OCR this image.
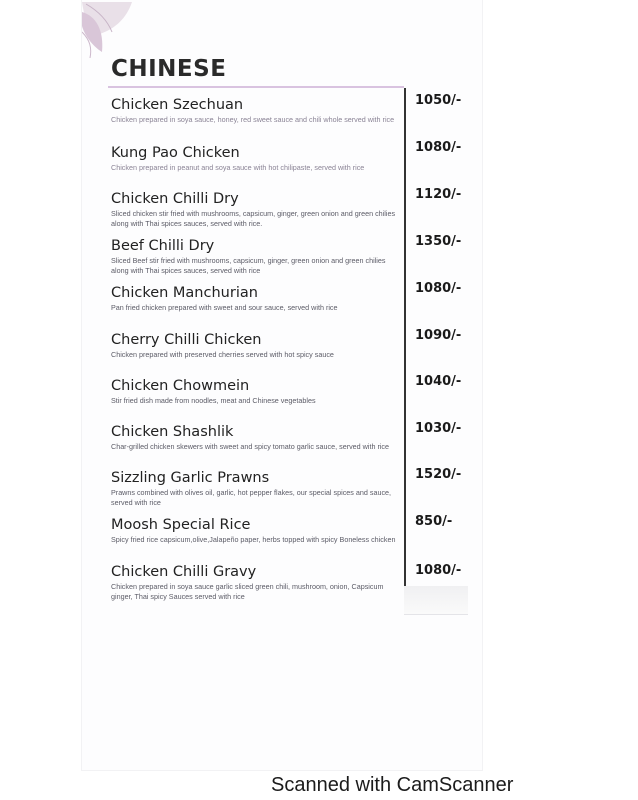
CHINESE
Chicken Szechuan
Chicken prepared in soya sauce, honey, red sweet sauce and chili whole served with rice
1050/-
Kung Pao Chicken
Chicken prepared in peanut and soya sauce with hot chilipaste, served with rice
1080/-
Chicken Chilli Dry
Sliced chicken stir fried with mushrooms, capsicum, ginger, green onion and green chilies along with Thai spices sauces, served with rice.
1120/-
Beef Chilli Dry
Sliced Beef stir fried with mushrooms, capsicum, ginger, green onion and green chilies along with Thai spices sauces, served with rice
1350/-
Chicken Manchurian
Pan fried chicken prepared with sweet and sour sauce, served with rice
1080/-
Cherry Chilli Chicken
Chicken prepared with preserved cherries served with hot spicy sauce
1090/-
Chicken Chowmein
Stir fried dish made from noodles, meat and Chinese vegetables
1040/-
Chicken Shashlik
Char-grilled chicken skewers with sweet and spicy tomato garlic sauce, served with rice
1030/-
Sizzling Garlic Prawns
Prawns combined with olives oil, garlic, hot pepper flakes, our special spices and sauce, served with rice
1520/-
Moosh Special Rice
Spicy fried rice capsicum,olive,Jalapeño paper, herbs topped with spicy Boneless chicken
850/-
Chicken Chilli Gravy
Chicken prepared in soya sauce garlic sliced green chili, mushroom, onion, Capsicum ginger, Thai spicy Sauces served with rice
1080/-
Scanned with CamScanner
